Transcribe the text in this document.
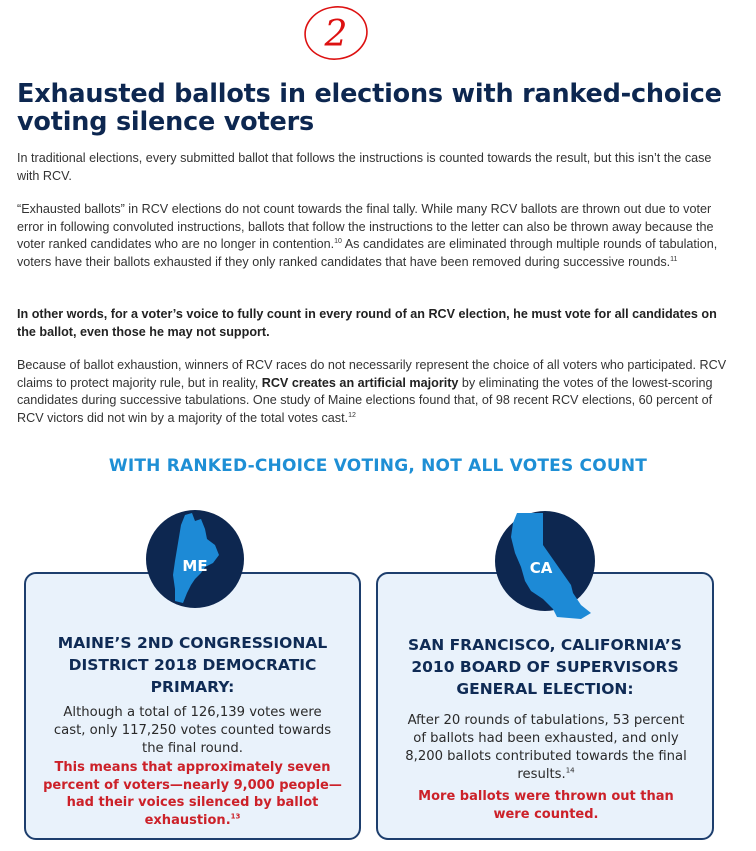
2
Exhausted ballots in elections with ranked-choice voting silence voters

In traditional elections, every submitted ballot that follows the instructions is counted towards the result, but this isn’t the case with RCV.

“Exhausted ballots” in RCV elections do not count towards the final tally. While many RCV ballots are thrown out due to voter error in following convoluted instructions, ballots that follow the instructions to the letter can also be thrown away because the voter ranked candidates who are no longer in contention.$^{10}$ As candidates are eliminated through multiple rounds of tabulation, voters have their ballots exhausted if they only ranked candidates that have been removed during successive rounds.$^{11}$

In other words, for a voter’s voice to fully count in every round of an RCV election, he must vote for all candidates on the ballot, even those he may not support.

Because of ballot exhaustion, winners of RCV races do not necessarily represent the choice of all voters who participated. RCV claims to protect majority rule, but in reality, RCV creates an artificial majority by eliminating the votes of the lowest-scoring candidates during successive tabulations. One study of Maine elections found that, of 98 recent RCV elections, 60 percent of RCV victors did not win by a majority of the total votes cast.$^{12}$

WITH RANKED-CHOICE VOTING, NOT ALL VOTES COUNT
MAINE’S 2ND CONGRESSIONAL DISTRICT 2018 DEMOCRATIC PRIMARY:
Although a total of 126,139 votes were cast, only 117,250 votes counted towards the final round.
This means that approximately seven percent of voters—nearly 9,000 people—had their voices silenced by ballot exhaustion.$^{13}$
SAN FRANCISCO, CALIFORNIA’S 2010 BOARD OF SUPERVISORS GENERAL ELECTION:
After 20 rounds of tabulations, 53 percent of ballots had been exhausted, and only 8,200 ballots contributed towards the final results.$^{14}$
More ballots were thrown out than were counted.
ME	CA
